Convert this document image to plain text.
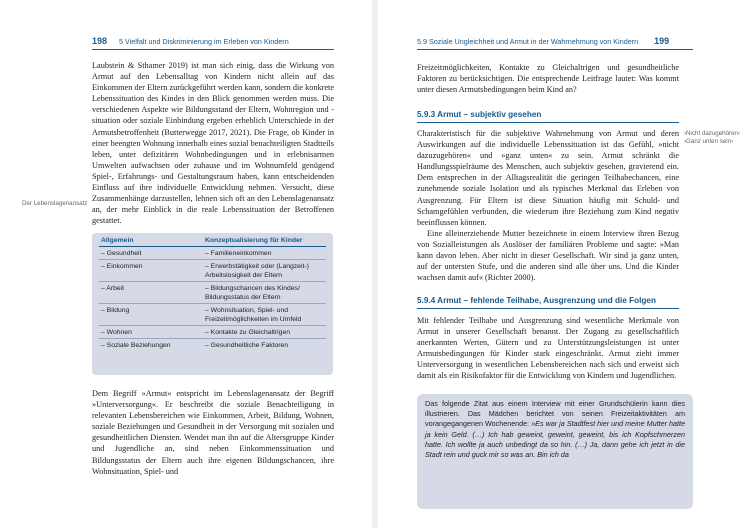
198 5 Vielfalt und Diskriminierung im Erleben von Kindern
Der Lebenslagenansatz

Laubstein & Sthamer 2019) ist man sich einig, dass die Wirkung von Armut auf den Lebensalltag von Kindern nicht allein auf das Einkommen der Eltern zurückgeführt werden kann, sondern die konkrete Lebenssituation des Kindes in den Blick genommen werden muss. Die verschiedenen Aspekte wie Bildungsstand der Eltern, Wohnregion und -situation oder soziale Einbindung ergeben erheblich Unterschiede in der Armutsbetroffenheit (Butterwegge 2017, 2021). Die Frage, ob Kinder in einer beengten Wohnung innerhalb eines sozial benachteiligten Stadtteils leben, unter defizitären Wohnbedingungen und in erlebnisarmen Umwelten aufwachsen oder zuhause und im Wohnumfeld genügend Spiel-, Erfahrungs- und Gestaltungsraum haben, kann entscheidenden Einfluss auf ihre individuelle Entwicklung nehmen. Versucht, diese Zusammenhänge darzustellen, lehnen sich oft an den Lebenslagenansatz an, der mehr Einblick in die reale Lebenssituation der Betroffenen gestattet.

Allgemein	Konzeptualisierung für Kinder
– Gesundheit	– Familieneinkommen
– Einkommen	– Erwerbstätigkeit oder (Langzeit-) Arbeitslosigkeit der Eltern
– Arbeit	– Bildungschancen des Kindes/ Bildungsstatus der Eltern
– Bildung	– Wohnsituation, Spiel- und Freizeitmöglichkeiten im Umfeld
– Wohnen	– Kontakte zu Gleichaltrigen
– Soziale Beziehungen	– Gesundheitliche Faktoren

Dem Begriff »Armut« entspricht im Lebenslagenansatz der Begriff »Unterversorgung«. Er beschreibt die soziale Benachteiligung in relevanten Lebensbereichen wie Einkommen, Arbeit, Bildung, Wohnen, soziale Beziehungen und Gesundheit in der Versorgung mit sozialen und gesundheitlichen Diensten. Wendet man ihn auf die Altersgruppe Kinder und Jugendliche an, sind neben Einkommenssituation und Bildungsstatus der Eltern auch ihre eigenen Bildungschancen, ihre Wohnsituation, Spiel- und

5.9 Soziale Ungleichheit und Armut in der Wahrnehmung von Kindern 199

Freizeitmöglichkeiten, Kontakte zu Gleichaltrigen und gesundheitliche Faktoren zu berücksichtigen. Die entsprechende Leitfrage lautet: Was kommt unter diesen Armutsbedingungen beim Kind an?

5.9.3 Armut – subjektiv gesehen
›Nicht dazugehören‹
›Ganz unten sein‹

Charakteristisch für die subjektive Wahrnehmung von Armut und deren Auswirkungen auf die individuelle Lebenssituation ist das Gefühl, »nicht dazuzugehören« und »ganz unten« zu sein. Armut schränkt die Handlungsspielräume des Menschen, auch subjektiv gesehen, gravierend ein. Dem entsprechen in der Alltagsrealität die geringen Teilhabechancen, eine zunehmende soziale Isolation und als typisches Merkmal das Erleben von Ausgrenzung. Für Eltern ist diese Situation häufig mit Schuld- und Schamgefühlen verbunden, die wiederum ihre Beziehung zum Kind negativ beeinflussen können.

Eine alleinerziehende Mutter bezeichnete in einem Interview ihren Bezug von Sozialleistungen als Auslöser der familiären Probleme und sagte: »Man kann davon leben. Aber nicht in dieser Gesellschaft. Wir sind ja ganz unten, auf der untersten Stufe, und die anderen sind alle über uns. Und die Kinder wachsen damit auf« (Richter 2000).

5.9.4 Armut – fehlende Teilhabe, Ausgrenzung und die Folgen

Mit fehlender Teilhabe und Ausgrenzung sind wesentliche Merkmale von Armut in unserer Gesellschaft benannt. Der Zugang zu gesellschaftlich anerkannten Werten, Gütern und zu Unterstützungsleistungen ist unter Armutsbedingungen für Kinder stark eingeschränkt. Armut zieht immer Unterversorgung in wesentlichen Lebensbereichen nach sich und erweist sich damit als ein Risikofaktor für die Entwicklung von Kindern und Jugendlichen.

Das folgende Zitat aus einem Interview mit einer Grundschülerin kann dies illustrieren. Das Mädchen berichtet von seinen Freizeitaktivitäten am vorangegangenen Wochenende: »Es war ja Stadtfest hier und meine Mutter hatte ja kein Geld. (…) Ich hab geweint, geweint, geweint, bis ich Kopfschmerzen hatte. Ich wollte ja auch unbedingt da so hin. (…) Ja, dann gehe ich jetzt in die Stadt rein und guck mir so was an. Bin ich da
